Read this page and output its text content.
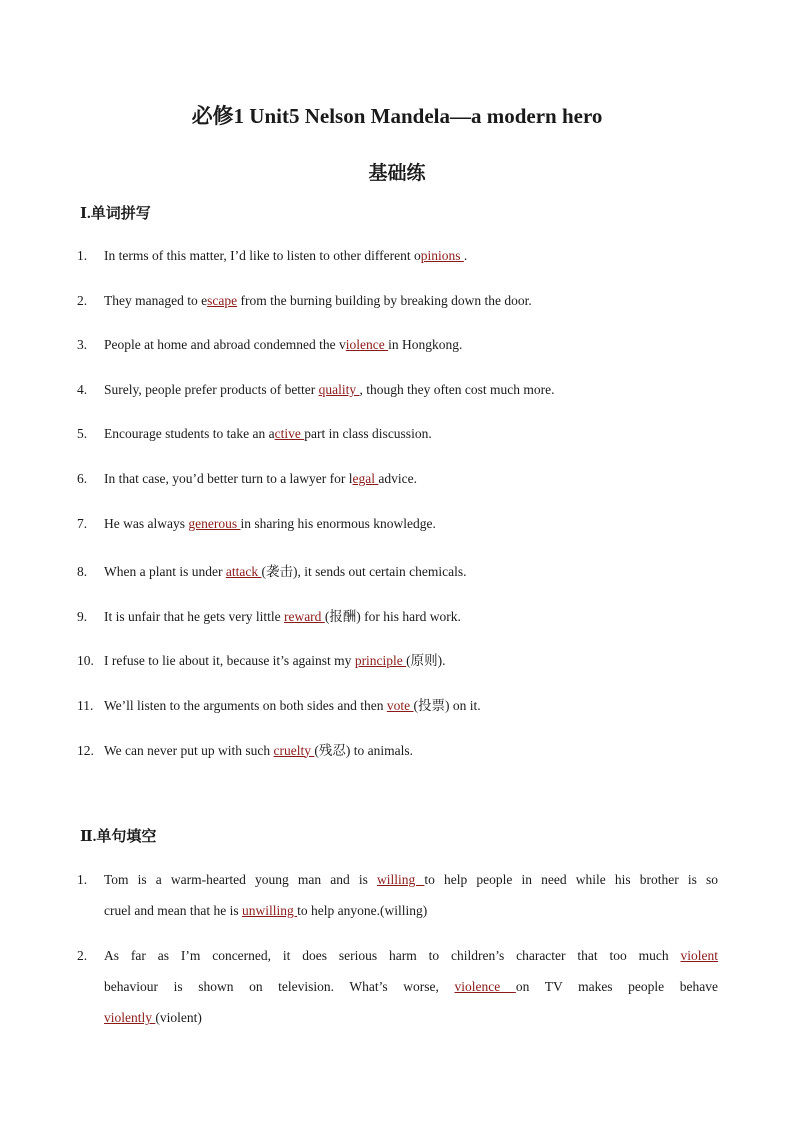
必修1 Unit5 Nelson Mandela—a modern hero
基础练
Ⅰ.单词拼写
1. In terms of this matter, I’d like to listen to other different opinions .
2. They managed to escape from the burning building by breaking down the door.
3. People at home and abroad condemned the violence in Hongkong.
4. Surely, people prefer products of better quality , though they often cost much more.
5. Encourage students to take an active part in class discussion.
6. In that case, you’d better turn to a lawyer for legal advice.
7. He was always generous in sharing his enormous knowledge.
8. When a plant is under attack (袭击), it sends out certain chemicals.
9. It is unfair that he gets very little reward (报酬) for his hard work.
10. I refuse to lie about it, because it’s against my principle (原则).
11. We’ll listen to the arguments on both sides and then vote (投票) on it.
12. We can never put up with such cruelty (残忍) to animals.
Ⅱ.单句填空
1. Tom is a warm-hearted young man and is willing to help people in need while his brother is so
cruel and mean that he is unwilling to help anyone.(willing)
2. As far as I’m concerned, it does serious harm to children’s character that too much violent
behaviour is shown on television. What’s worse, violence on TV makes people behave
violently (violent)
